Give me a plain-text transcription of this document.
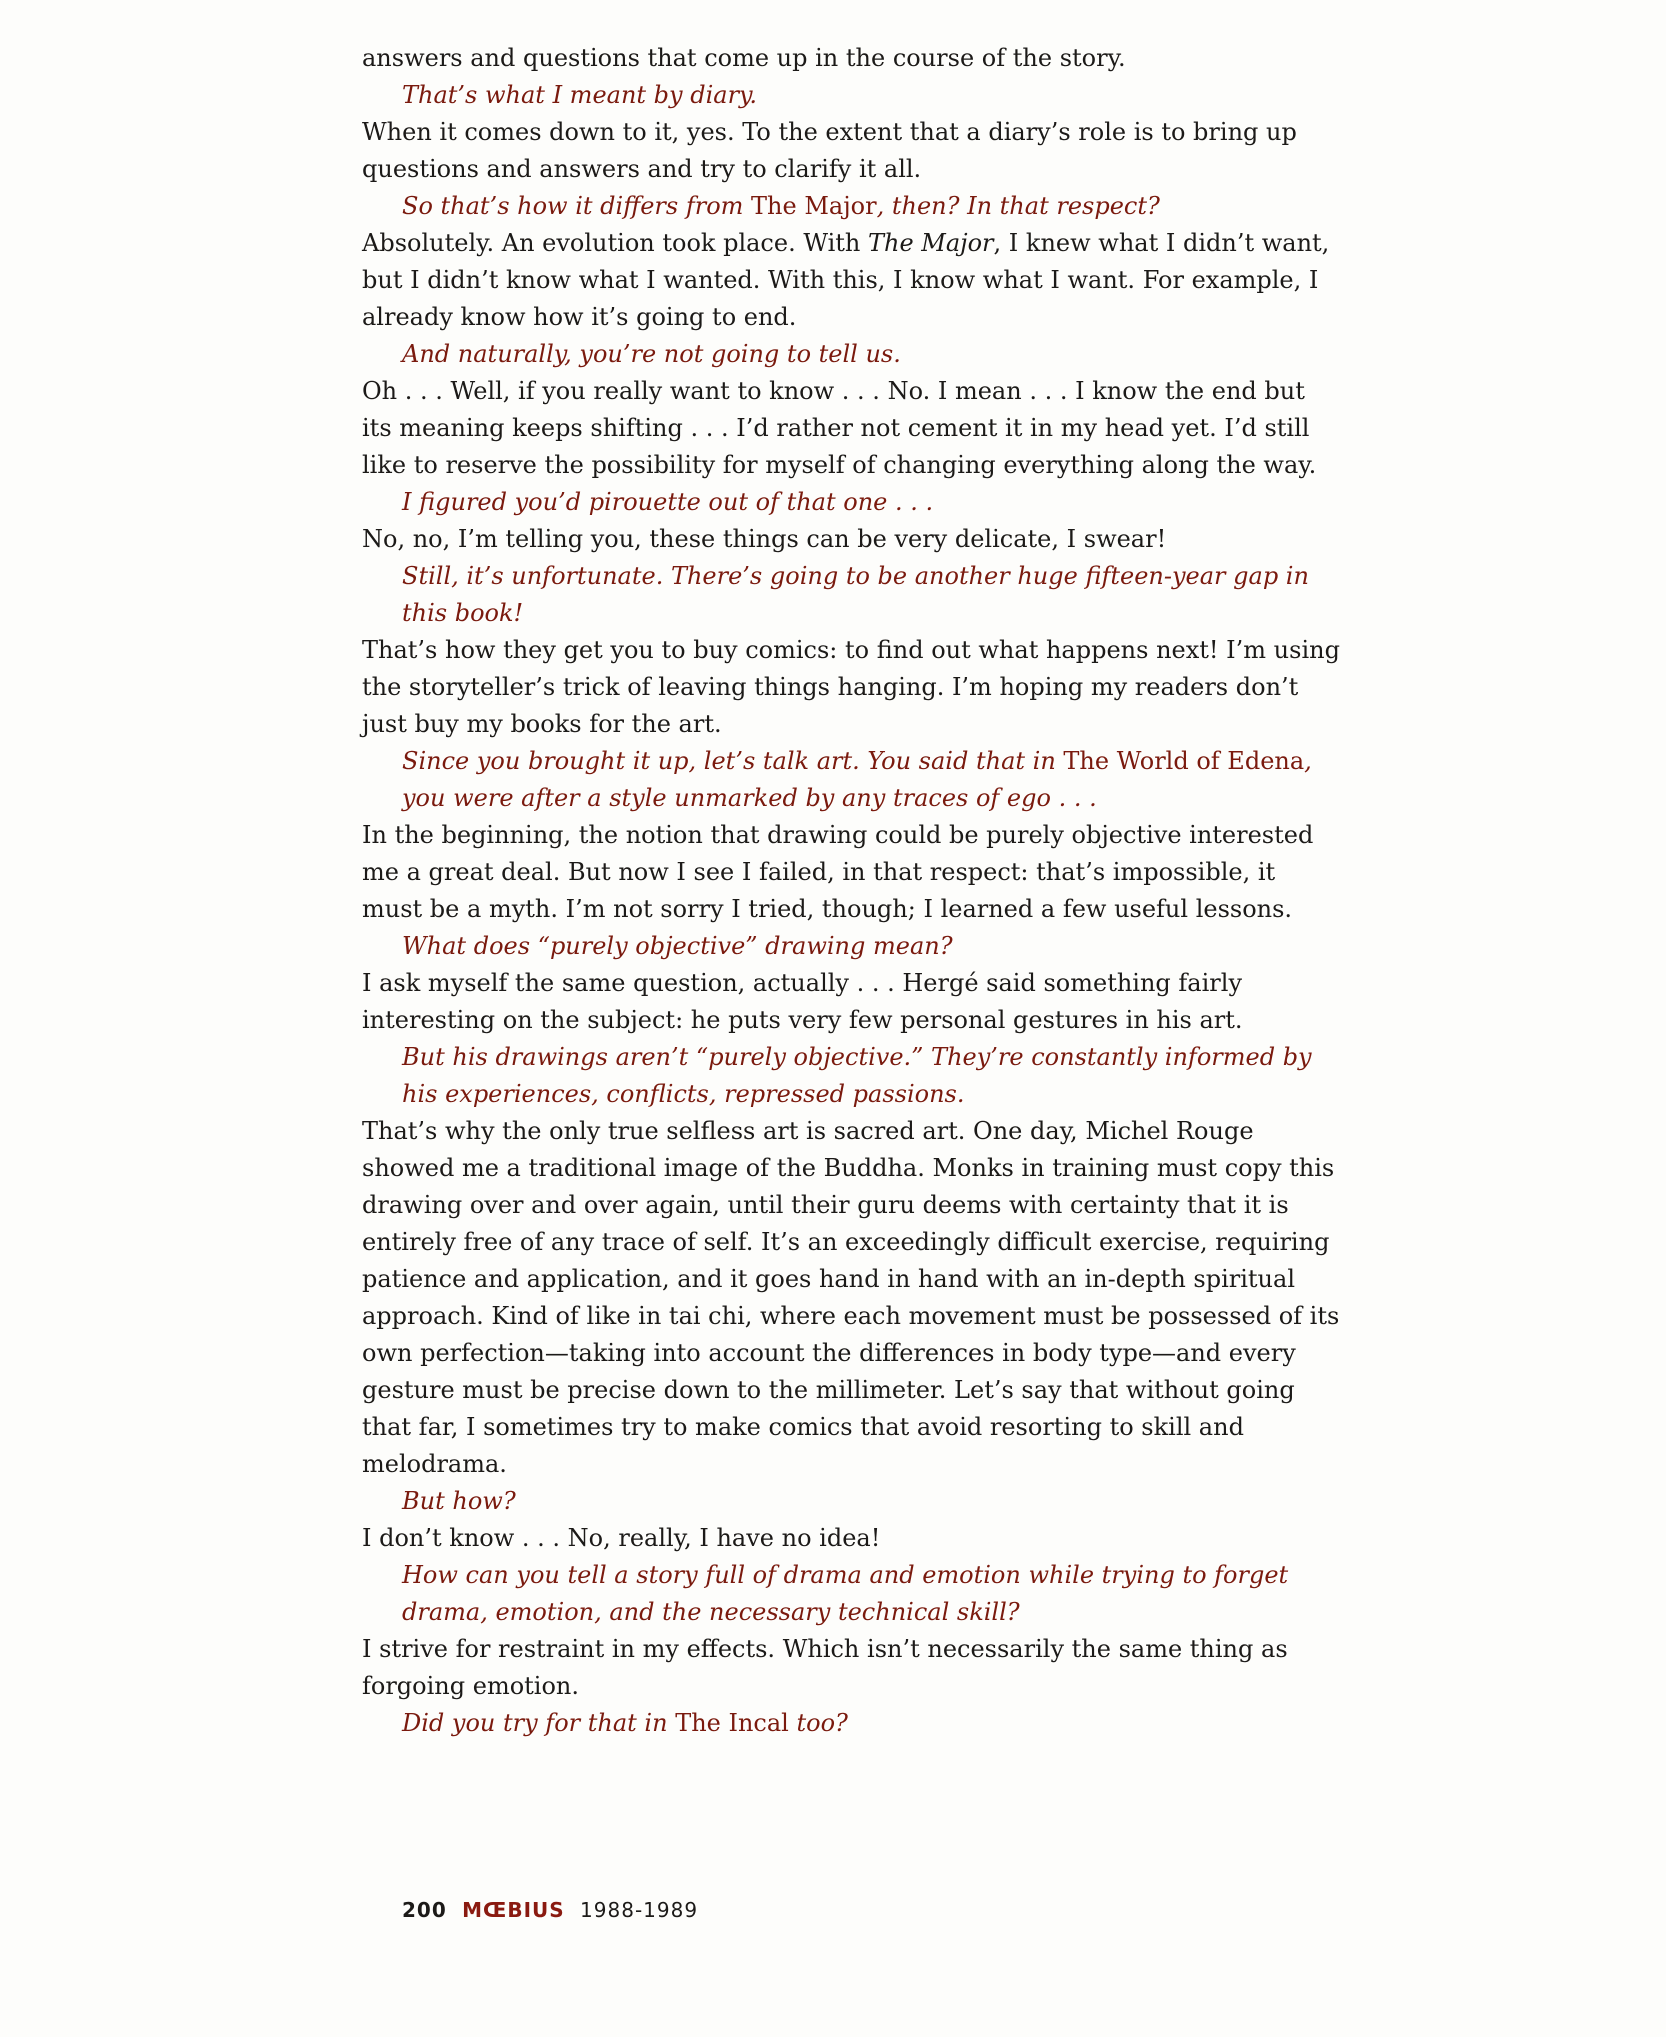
answers and questions that come up in the course of the story.

That’s what I meant by diary.

When it comes down to it, yes. To the extent that a diary’s role is to bring up questions and answers and try to clarify it all.

So that’s how it differs from The Major, then? In that respect?

Absolutely. An evolution took place. With The Major, I knew what I didn’t want, but I didn’t know what I wanted. With this, I know what I want. For example, I already know how it’s going to end.

And naturally, you’re not going to tell us.

Oh . . . Well, if you really want to know . . . No. I mean . . . I know the end but its meaning keeps shifting . . . I’d rather not cement it in my head yet. I’d still like to reserve the possibility for myself of changing everything along the way.

I figured you’d pirouette out of that one . . .

No, no, I’m telling you, these things can be very delicate, I swear!

Still, it’s unfortunate. There’s going to be another huge fifteen-year gap in this book!

That’s how they get you to buy comics: to find out what happens next! I’m using the storyteller’s trick of leaving things hanging. I’m hoping my readers don’t just buy my books for the art.

Since you brought it up, let’s talk art. You said that in The World of Edena, you were after a style unmarked by any traces of ego . . .

In the beginning, the notion that drawing could be purely objective interested me a great deal. But now I see I failed, in that respect: that’s impossible, it must be a myth. I’m not sorry I tried, though; I learned a few useful lessons.

What does “purely objective” drawing mean?

I ask myself the same question, actually . . . Hergé said something fairly interesting on the subject: he puts very few personal gestures in his art.

But his drawings aren’t “purely objective.” They’re constantly informed by his experiences, conflicts, repressed passions.

That’s why the only true selfless art is sacred art. One day, Michel Rouge showed me a traditional image of the Buddha. Monks in training must copy this drawing over and over again, until their guru deems with certainty that it is entirely free of any trace of self. It’s an exceedingly difficult exercise, requiring patience and application, and it goes hand in hand with an in-depth spiritual approach. Kind of like in tai chi, where each movement must be possessed of its own perfection—taking into account the differences in body type—and every gesture must be precise down to the millimeter. Let’s say that without going that far, I sometimes try to make comics that avoid resorting to skill and melodrama.

But how?

I don’t know . . . No, really, I have no idea!

How can you tell a story full of drama and emotion while trying to forget drama, emotion, and the necessary technical skill?

I strive for restraint in my effects. Which isn’t necessarily the same thing as forgoing emotion.

Did you try for that in The Incal too?

200 MŒBIUS 1988-1989
